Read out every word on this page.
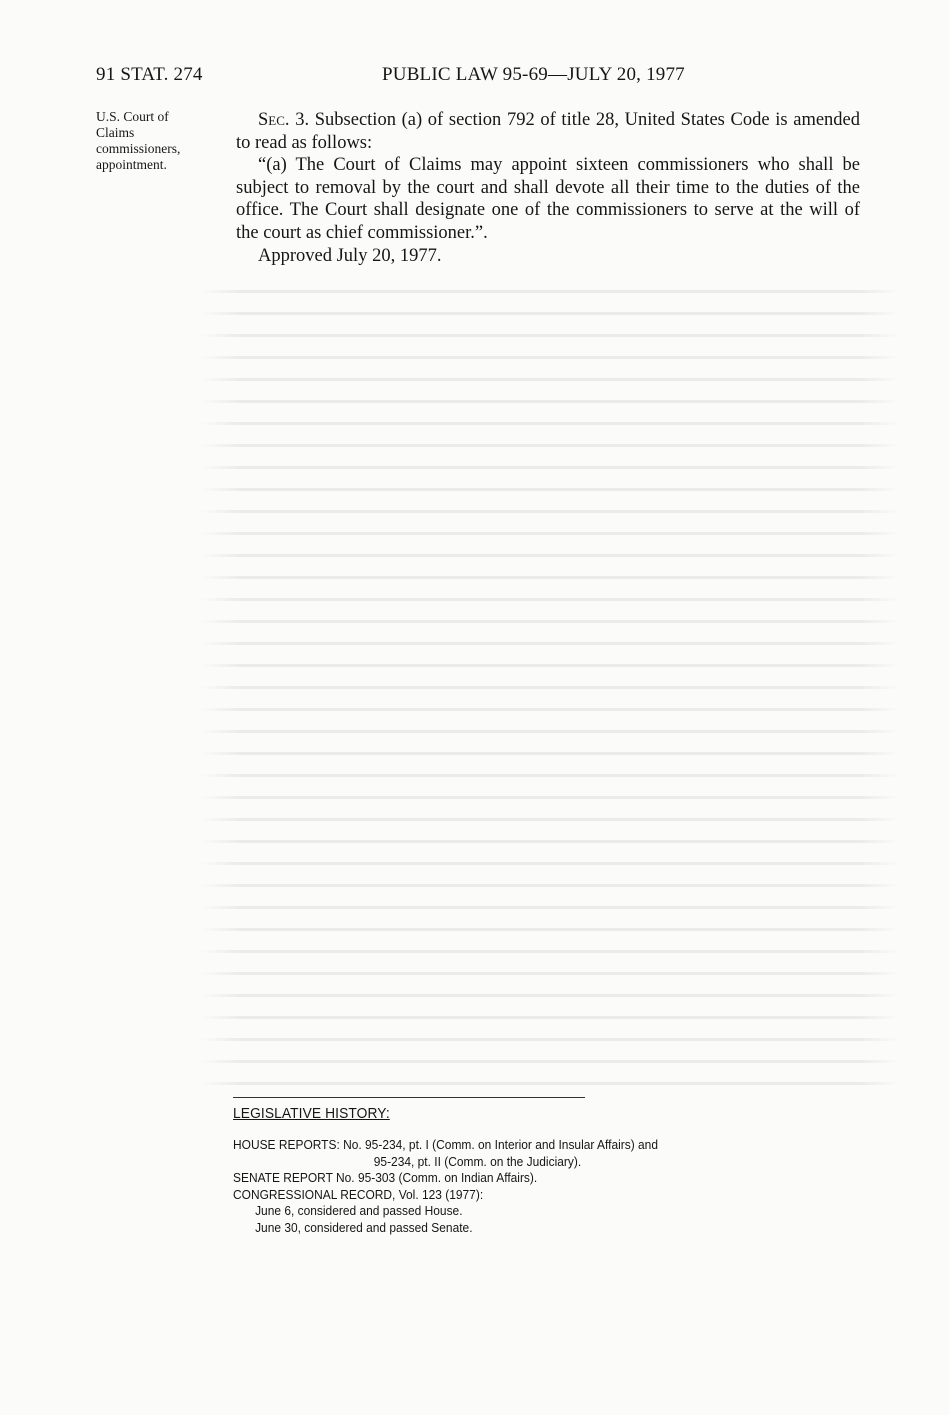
91 STAT. 274	PUBLIC LAW 95-69—JULY 20, 1977
U.S. Court of
Claims
commissioners,
appointment.

Sec. 3. Subsection (a) of section 792 of title 28, United States Code is amended to read as follows:

“(a) The Court of Claims may appoint sixteen commissioners who shall be subject to removal by the court and shall devote all their time to the duties of the office. The Court shall designate one of the commissioners to serve at the will of the court as chief commissioner.”.

Approved July 20, 1977.
LEGISLATIVE HISTORY:
HOUSE REPORTS: No. 95-234, pt. I (Comm. on Interior and Insular Affairs) and
95-234, pt. II (Comm. on the Judiciary).
SENATE REPORT No. 95-303 (Comm. on Indian Affairs).
CONGRESSIONAL RECORD, Vol. 123 (1977):
June 6, considered and passed House.
June 30, considered and passed Senate.
